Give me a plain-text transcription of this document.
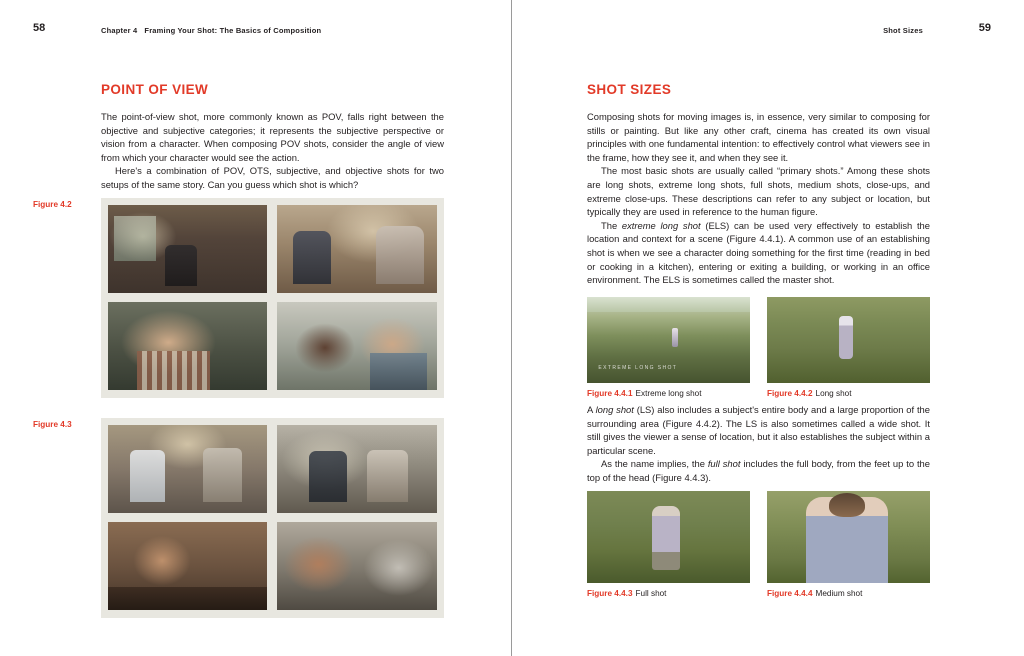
58	Chapter 4 Framing Your Shot: The Basics of Composition
POINT OF VIEW

The point-of-view shot, more commonly known as POV, falls right between the objective and subjective categories; it represents the subjective perspective or vision from a character. When composing POV shots, consider the angle of view from which your character would see the action.

Here's a combination of POV, OTS, subjective, and objective shots for two setups of the same story. Can you guess which shot is which?

Figure 4.2
Figure 4.3
59
Shot Sizes
SHOT SIZES

Composing shots for moving images is, in essence, very similar to composing for stills or painting. But like any other craft, cinema has created its own visual principles with one fundamental intention: to effectively control what viewers see in the frame, how they see it, and when they see it.

The most basic shots are usually called “primary shots.” Among these shots are long shots, extreme long shots, full shots, medium shots, close-ups, and extreme close-ups. These descriptions can refer to any subject or location, but typically they are used in reference to the human figure.

The extreme long shot (ELS) can be used very effectively to establish the location and context for a scene (Figure 4.4.1). A common use of an establishing shot is when we see a character doing something for the first time (reading in bed or cooking in a kitchen), entering or exiting a building, or working in an office environment. The ELS is sometimes called the master shot.

EXTREME LONG SHOT
Figure 4.4.1 Extreme long shot	Figure 4.4.2 Long shot

A long shot (LS) also includes a subject's entire body and a large proportion of the surrounding area (Figure 4.4.2). The LS is also sometimes called a wide shot. It still gives the viewer a sense of location, but it also establishes the subject within a particular scene.

As the name implies, the full shot includes the full body, from the feet up to the top of the head (Figure 4.4.3).

Figure 4.4.3 Full shot	Figure 4.4.4 Medium shot
